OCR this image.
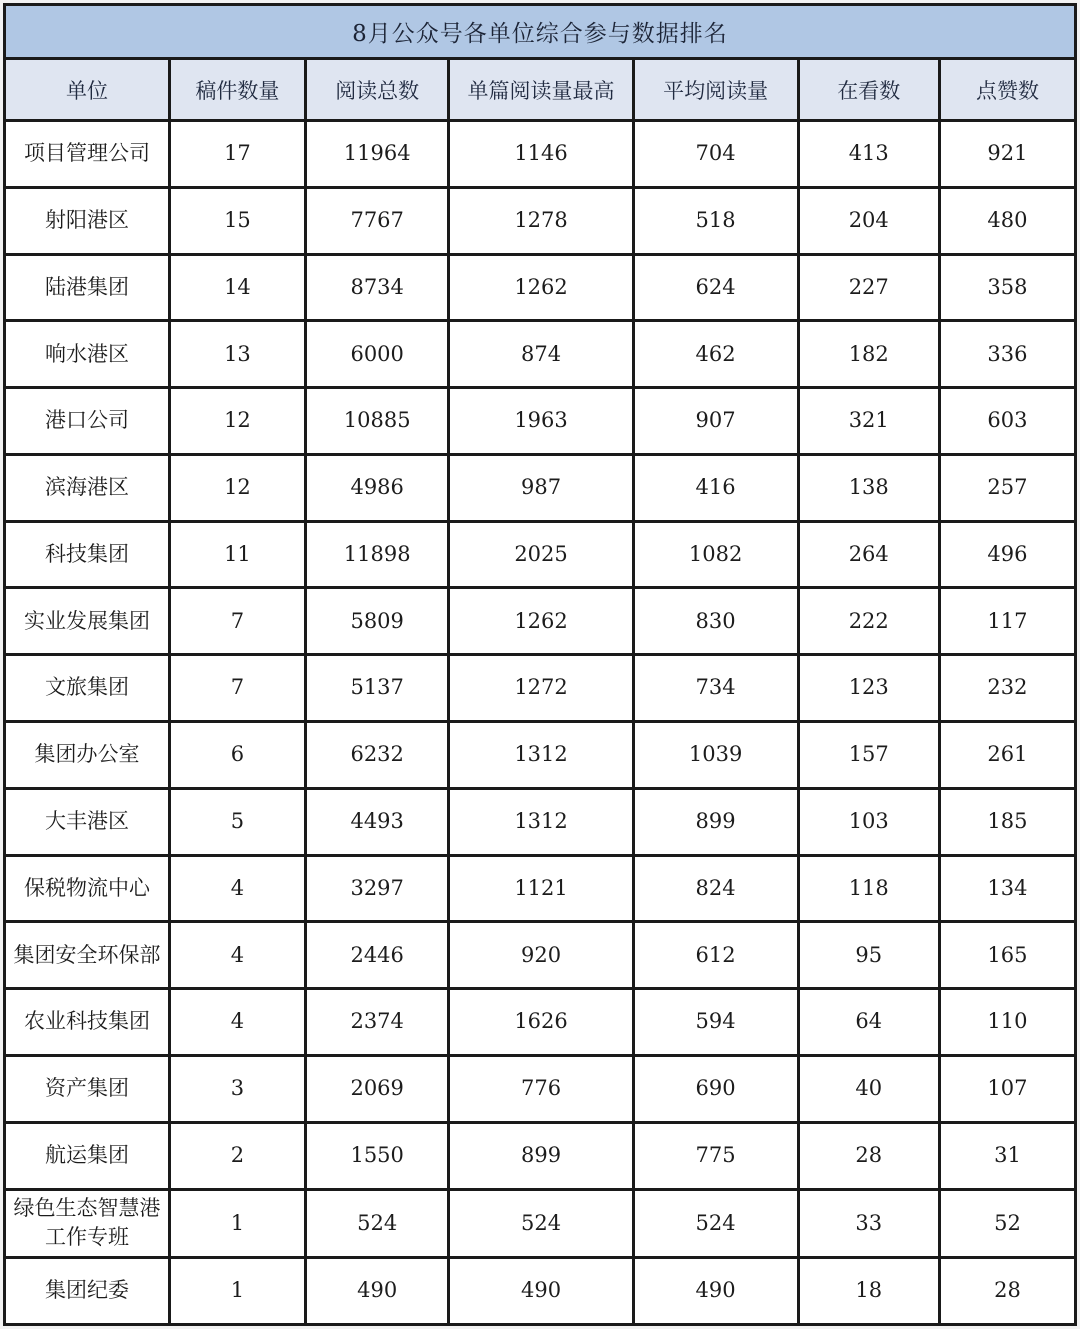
8月公众号各单位综合参与数据排名						
单位	稿件数量	阅读总数	单篇阅读量最高	平均阅读量	在看数	点赞数
项目管理公司	17	11964	1146	704	413	921
射阳港区	15	7767	1278	518	204	480
陆港集团	14	8734	1262	624	227	358
响水港区	13	6000	874	462	182	336
港口公司	12	10885	1963	907	321	603
滨海港区	12	4986	987	416	138	257
科技集团	11	11898	2025	1082	264	496
实业发展集团	7	5809	1262	830	222	117
文旅集团	7	5137	1272	734	123	232
集团办公室	6	6232	1312	1039	157	261
大丰港区	5	4493	1312	899	103	185
保税物流中心	4	3297	1121	824	118	134
集团安全环保部	4	2446	920	612	95	165
农业科技集团	4	2374	1626	594	64	110
资产集团	3	2069	776	690	40	107
航运集团	2	1550	899	775	28	31
绿色生态智慧港工作专班	1	524	524	524	33	52
集团纪委	1	490	490	490	18	28
